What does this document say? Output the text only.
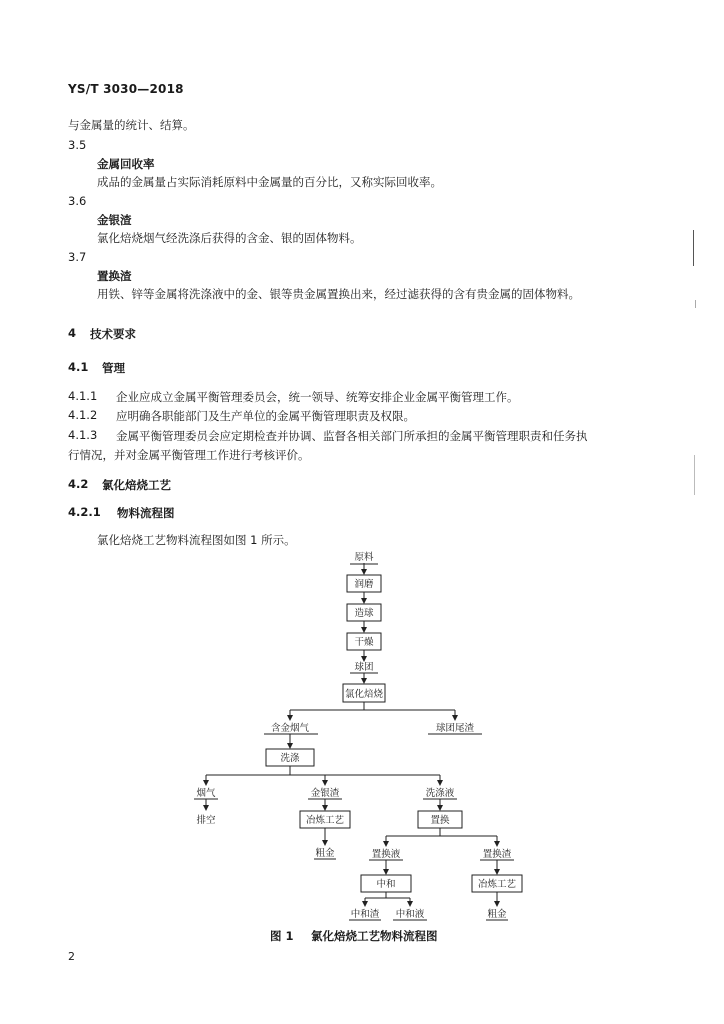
YS/T 3030—2018
与金属量的统计、结算。
3.5
金属回收率
成品的金属量占实际消耗原料中金属量的百分比，又称实际回收率。
3.6
金银渣
氯化焙烧烟气经洗涤后获得的含金、银的固体物料。
3.7
置换渣
用铁、锌等金属将洗涤液中的金、银等贵金属置换出来，经过滤获得的含有贵金属的固体物料。
4 技术要求
4.1 管理
4.1.1 企业应成立金属平衡管理委员会，统一领导、统筹安排企业金属平衡管理工作。
4.1.2 应明确各职能部门及生产单位的金属平衡管理职责及权限。
4.1.3 金属平衡管理委员会应定期检查并协调、监督各相关部门所承担的金属平衡管理职责和任务执
行情况，并对金属平衡管理工作进行考核评价。
4.2 氯化焙烧工艺
4.2.1 物料流程图
氯化焙烧工艺物料流程图如图 1 所示。
原料
润磨
造球
干燥
球团
氯化焙烧
含金烟气	球团尾渣
洗涤
烟气	金银渣	洗涤液
排空	冶炼工艺	置换
粗金	置换液	置换渣
中和	冶炼工艺
中和渣 中和液	粗金
图 1 氯化焙烧工艺物料流程图
2
